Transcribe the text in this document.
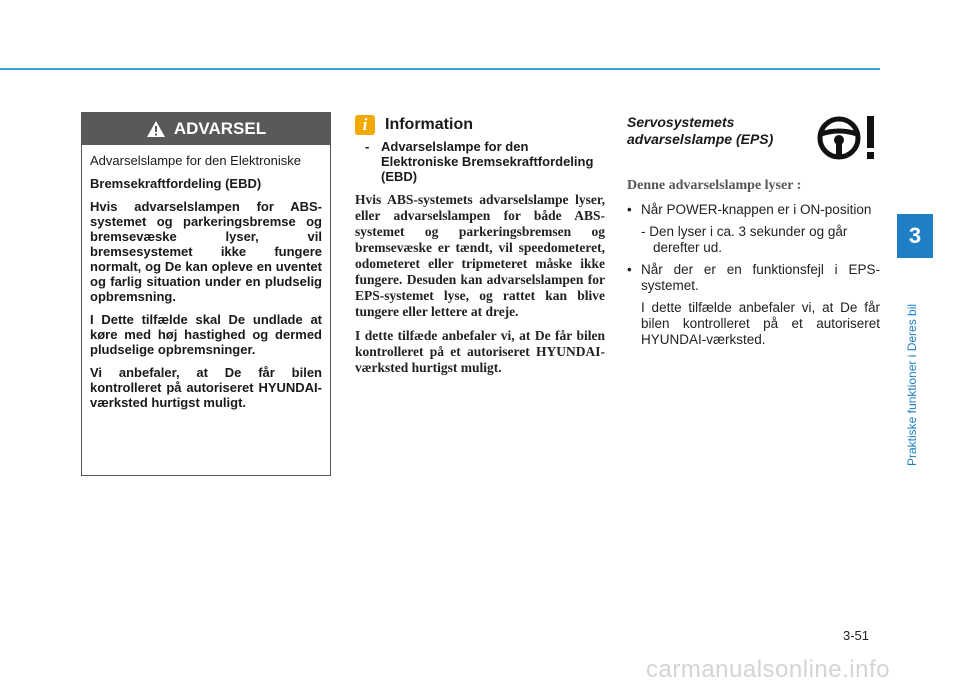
ADVARSEL

Advarselslampe for den Elektroniske

Bremsekraftfordeling (EBD)

Hvis advarselslampen for ABS-systemet og parkeringsbremse og bremsevæske lyser, vil bremsesystemet ikke fungere normalt, og De kan opleve en uventet og farlig situation under en pludselig opbremsning.

I Dette tilfælde skal De undlade at køre med høj hastighed og dermed pludselige opbremsninger.

Vi anbefaler, at De får bilen kontrolleret på autoriseret HYUNDAI-værksted hurtigst muligt.

i	Information
- Advarselslampe for den Elektroniske Bremsekraftfordeling (EBD)

Hvis ABS-systemets advarselslampe lyser, eller advarselslampen for både ABS-systemet og parkeringsbremsen og bremsevæske er tændt, vil speedometeret, odometeret eller tripmeteret måske ikke fungere. Desuden kan advarselslampen for EPS-systemet lyse, og rattet kan blive tungere eller lettere at dreje.

I dette tilfæde anbefaler vi, at De får bilen kontrolleret på et autoriseret HYUNDAI-værksted hurtigst muligt.

Servosystemets advarselslampe (EPS)
Denne advarselslampe lyser :
• Når POWER-knappen er i ON-position
- Den lyser i ca. 3 sekunder og går derefter ud.
• Når der er en funktionsfejl i EPS-systemet.
I dette tilfælde anbefaler vi, at De får bilen kontrolleret på et autoriseret HYUNDAI-værksted.
3
Praktiske funktioner i Deres bil
3-51
carmanualsonline.info
